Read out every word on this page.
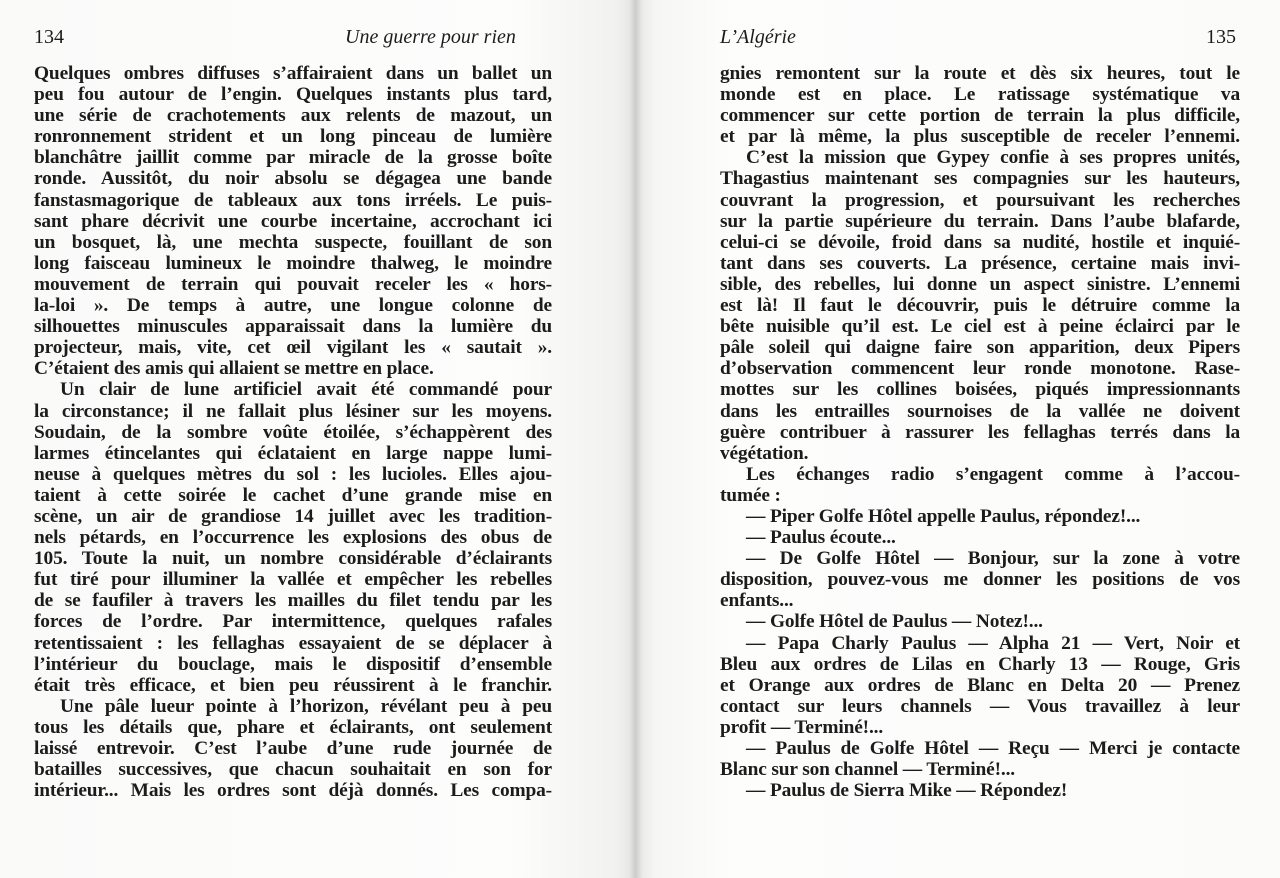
134	Une guerre pour rien
Quelques ombres diffuses s’affairaient dans un ballet un
peu fou autour de l’engin. Quelques instants plus tard,
une série de crachotements aux relents de mazout, un
ronronnement strident et un long pinceau de lumière
blanchâtre jaillit comme par miracle de la grosse boîte
ronde. Aussitôt, du noir absolu se dégagea une bande
fanstasmagorique de tableaux aux tons irréels. Le puis-
sant phare décrivit une courbe incertaine, accrochant ici
un bosquet, là, une mechta suspecte, fouillant de son
long faisceau lumineux le moindre thalweg, le moindre
mouvement de terrain qui pouvait receler les « hors-
la-loi ». De temps à autre, une longue colonne de
silhouettes minuscules apparaissait dans la lumière du
projecteur, mais, vite, cet œil vigilant les « sautait ».
C’étaient des amis qui allaient se mettre en place.
Un clair de lune artificiel avait été commandé pour
la circonstance; il ne fallait plus lésiner sur les moyens.
Soudain, de la sombre voûte étoilée, s’échappèrent des
larmes étincelantes qui éclataient en large nappe lumi-
neuse à quelques mètres du sol : les lucioles. Elles ajou-
taient à cette soirée le cachet d’une grande mise en
scène, un air de grandiose 14 juillet avec les tradition-
nels pétards, en l’occurrence les explosions des obus de
105. Toute la nuit, un nombre considérable d’éclairants
fut tiré pour illuminer la vallée et empêcher les rebelles
de se faufiler à travers les mailles du filet tendu par les
forces de l’ordre. Par intermittence, quelques rafales
retentissaient : les fellaghas essayaient de se déplacer à
l’intérieur du bouclage, mais le dispositif d’ensemble
était très efficace, et bien peu réussirent à le franchir.
Une pâle lueur pointe à l’horizon, révélant peu à peu
tous les détails que, phare et éclairants, ont seulement
laissé entrevoir. C’est l’aube d’une rude journée de
batailles successives, que chacun souhaitait en son for
intérieur... Mais les ordres sont déjà donnés. Les compa-
L’Algérie	135
gnies remontent sur la route et dès six heures, tout le
monde est en place. Le ratissage systématique va
commencer sur cette portion de terrain la plus difficile,
et par là même, la plus susceptible de receler l’ennemi.
C’est la mission que Gypey confie à ses propres unités,
Thagastius maintenant ses compagnies sur les hauteurs,
couvrant la progression, et poursuivant les recherches
sur la partie supérieure du terrain. Dans l’aube blafarde,
celui-ci se dévoile, froid dans sa nudité, hostile et inquié-
tant dans ses couverts. La présence, certaine mais invi-
sible, des rebelles, lui donne un aspect sinistre. L’ennemi
est là! Il faut le découvrir, puis le détruire comme la
bête nuisible qu’il est. Le ciel est à peine éclairci par le
pâle soleil qui daigne faire son apparition, deux Pipers
d’observation commencent leur ronde monotone. Rase-
mottes sur les collines boisées, piqués impressionnants
dans les entrailles sournoises de la vallée ne doivent
guère contribuer à rassurer les fellaghas terrés dans la
végétation.
Les échanges radio s’engagent comme à l’accou-
tumée :
— Piper Golfe Hôtel appelle Paulus, répondez!...
— Paulus écoute...
— De Golfe Hôtel — Bonjour, sur la zone à votre
disposition, pouvez-vous me donner les positions de vos
enfants...
— Golfe Hôtel de Paulus — Notez!...
— Papa Charly Paulus — Alpha 21 — Vert, Noir et
Bleu aux ordres de Lilas en Charly 13 — Rouge, Gris
et Orange aux ordres de Blanc en Delta 20 — Prenez
contact sur leurs channels — Vous travaillez à leur
profit — Terminé!...
— Paulus de Golfe Hôtel — Reçu — Merci je contacte
Blanc sur son channel — Terminé!...
— Paulus de Sierra Mike — Répondez!
